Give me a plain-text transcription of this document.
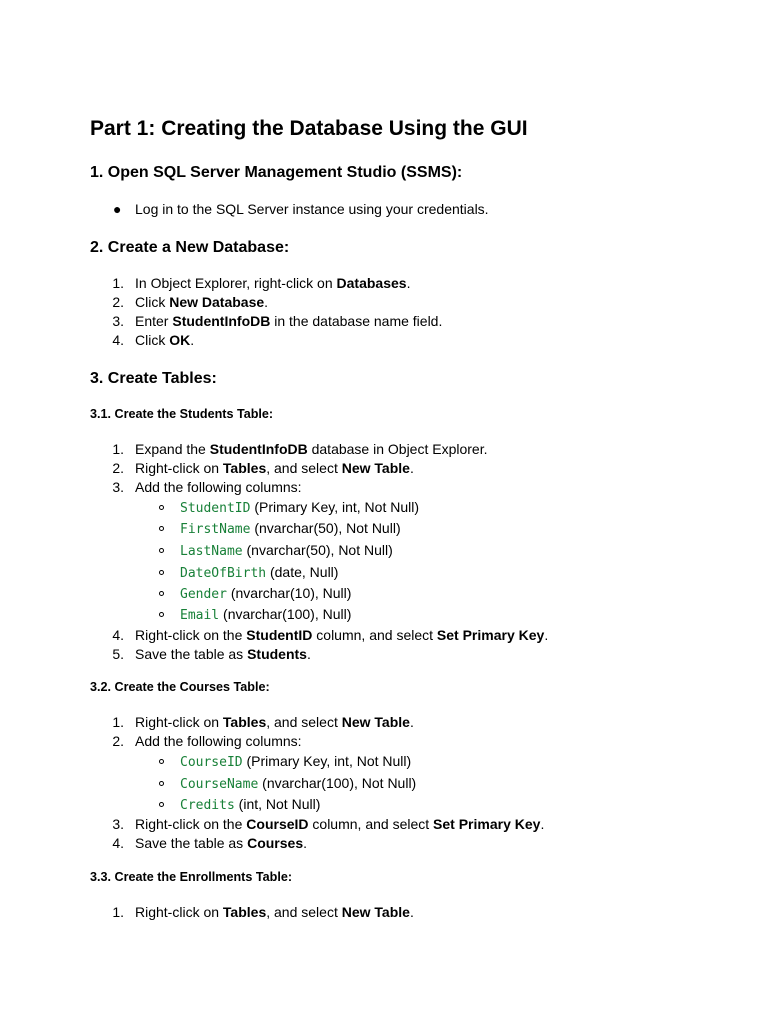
Part 1: Creating the Database Using the GUI
1. Open SQL Server Management Studio (SSMS):
● Log in to the SQL Server instance using your credentials.
2. Create a New Database:
1. In Object Explorer, right-click on Databases.
2. Click New Database.
3. Enter StudentInfoDB in the database name field.
4. Click OK.
3. Create Tables:
3.1. Create the Students Table:
1. Expand the StudentInfoDB database in Object Explorer.
2. Right-click on Tables, and select New Table.
3. Add the following columns:
StudentID (Primary Key, int, Not Null)
FirstName (nvarchar(50), Not Null)
LastName (nvarchar(50), Not Null)
DateOfBirth (date, Null)
Gender (nvarchar(10), Null)
Email (nvarchar(100), Null)
4. Right-click on the StudentID column, and select Set Primary Key.
5. Save the table as Students.
3.2. Create the Courses Table:
1. Right-click on Tables, and select New Table.
2. Add the following columns:
CourseID (Primary Key, int, Not Null)
CourseName (nvarchar(100), Not Null)
Credits (int, Not Null)
3. Right-click on the CourseID column, and select Set Primary Key.
4. Save the table as Courses.
3.3. Create the Enrollments Table:
1. Right-click on Tables, and select New Table.
